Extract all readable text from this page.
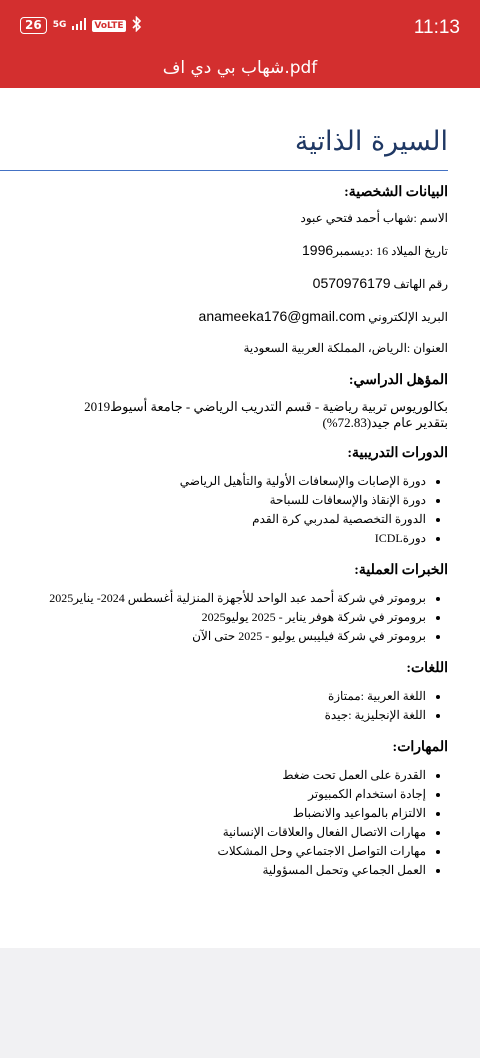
26	5G	VoLTE	11:13
شهاب بي دي اف.pdf
السيرة الذاتية
البيانات الشخصية:
الاسم :شهاب أحمد فتحي عبود
تاريخ الميلاد 16 :ديسمبر1996
رقم الهاتف 0570976179
البريد الإلكتروني anameeka176@gmail.com
العنوان :الرياض، المملكة العربية السعودية
المؤهل الدراسي:

بكالوريوس تربية رياضية - قسم التدريب الرياضي - جامعة أسيوط2019

بتقدير عام جيد(72.83%)

الدورات التدريبية:
• دورة الإصابات والإسعافات الأولية والتأهيل الرياضي
• دورة الإنقاذ والإسعافات للسباحة
• الدورة التخصصية لمدربي كرة القدم
• دورةICDL
الخبرات العملية:
• بروموتر في شركة أحمد عبد الواحد للأجهزة المنزلية أغسطس 2024- يناير2025
• بروموتر في شركة هوفر يناير - 2025 يوليو2025
• بروموتر في شركة فيليبس يوليو - 2025 حتى الآن
اللغات:
• اللغة العربية :ممتازة
• اللغة الإنجليزية :جيدة
المهارات:
• القدرة على العمل تحت ضغط
• إجادة استخدام الكمبيوتر
• الالتزام بالمواعيد والانضباط
• مهارات الاتصال الفعال والعلاقات الإنسانية
• مهارات التواصل الاجتماعي وحل المشكلات
• العمل الجماعي وتحمل المسؤولية
